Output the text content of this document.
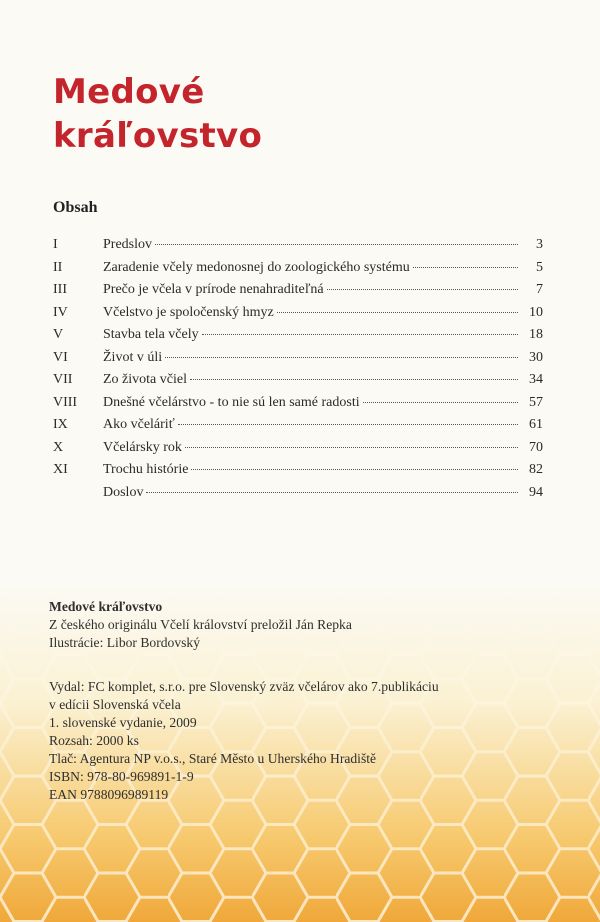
Medové
kráľovstvo
Obsah
I	Predslov	3
II	Zaradenie včely medonosnej do zoologického systému	5
III	Prečo je včela v prírode nenahraditeľná	7
IV	Včelstvo je spoločenský hmyz	10
V	Stavba tela včely	18
VI	Život v úli	30
VII	Zo života včiel	34
VIII	Dnešné včelárstvo - to nie sú len samé radosti	57
IX	Ako včeláriť	61
X	Včelársky rok	70
XI	Trochu histórie	82
Doslov	94
Medové kráľovstvo
Z českého originálu Včelí království preložil Ján Repka
Ilustrácie: Libor Bordovský
Vydal: FC komplet, s.r.o. pre Slovenský zväz včelárov ako 7.publikáciu
v edícii Slovenská včela
1. slovenské vydanie, 2009
Rozsah: 2000 ks
Tlač: Agentura NP v.o.s., Staré Město u Uherského Hradiště
ISBN: 978-80-969891-1-9
EAN 9788096989119
